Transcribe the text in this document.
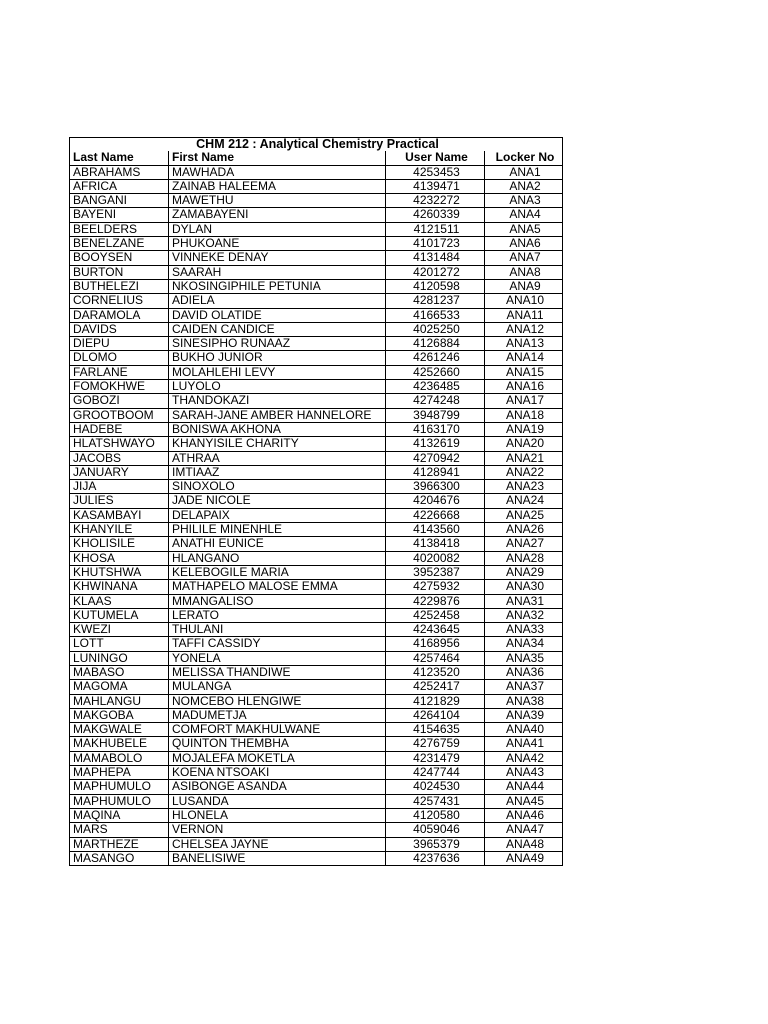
CHM 212 : Analytical Chemistry Practical			
Last Name	First Name	User Name	Locker No
ABRAHAMS	MAWHADA	4253453	ANA1
AFRICA	ZAINAB HALEEMA	4139471	ANA2
BANGANI	MAWETHU	4232272	ANA3
BAYENI	ZAMABAYENI	4260339	ANA4
BEELDERS	DYLAN	4121511	ANA5
BENELZANE	PHUKOANE	4101723	ANA6
BOOYSEN	VINNEKE DENAY	4131484	ANA7
BURTON	SAARAH	4201272	ANA8
BUTHELEZI	NKOSINGIPHILE PETUNIA	4120598	ANA9
CORNELIUS	ADIELA	4281237	ANA10
DARAMOLA	DAVID OLATIDE	4166533	ANA11
DAVIDS	CAIDEN CANDICE	4025250	ANA12
DIEPU	SINESIPHO RUNAAZ	4126884	ANA13
DLOMO	BUKHO JUNIOR	4261246	ANA14
FARLANE	MOLAHLEHI LEVY	4252660	ANA15
FOMOKHWE	LUYOLO	4236485	ANA16
GOBOZI	THANDOKAZI	4274248	ANA17
GROOTBOOM	SARAH-JANE AMBER HANNELORE	3948799	ANA18
HADEBE	BONISWA AKHONA	4163170	ANA19
HLATSHWAYO	KHANYISILE CHARITY	4132619	ANA20
JACOBS	ATHRAA	4270942	ANA21
JANUARY	IMTIAAZ	4128941	ANA22
JIJA	SINOXOLO	3966300	ANA23
JULIES	JADE NICOLE	4204676	ANA24
KASAMBAYI	DELAPAIX	4226668	ANA25
KHANYILE	PHILILE MINENHLE	4143560	ANA26
KHOLISILE	ANATHI EUNICE	4138418	ANA27
KHOSA	HLANGANO	4020082	ANA28
KHUTSHWA	KELEBOGILE MARIA	3952387	ANA29
KHWINANA	MATHAPELO MALOSE EMMA	4275932	ANA30
KLAAS	MMANGALISO	4229876	ANA31
KUTUMELA	LERATO	4252458	ANA32
KWEZI	THULANI	4243645	ANA33
LOTT	TAFFI CASSIDY	4168956	ANA34
LUNINGO	YONELA	4257464	ANA35
MABASO	MELISSA THANDIWE	4123520	ANA36
MAGOMA	MULANGA	4252417	ANA37
MAHLANGU	NOMCEBO HLENGIWE	4121829	ANA38
MAKGOBA	MADUMETJA	4264104	ANA39
MAKGWALE	COMFORT MAKHULWANE	4154635	ANA40
MAKHUBELE	QUINTON THEMBHA	4276759	ANA41
MAMABOLO	MOJALEFA MOKETLA	4231479	ANA42
MAPHEPA	KOENA NTSOAKI	4247744	ANA43
MAPHUMULO	ASIBONGE ASANDA	4024530	ANA44
MAPHUMULO	LUSANDA	4257431	ANA45
MAQINA	HLONELA	4120580	ANA46
MARS	VERNON	4059046	ANA47
MARTHEZE	CHELSEA JAYNE	3965379	ANA48
MASANGO	BANELISIWE	4237636	ANA49
